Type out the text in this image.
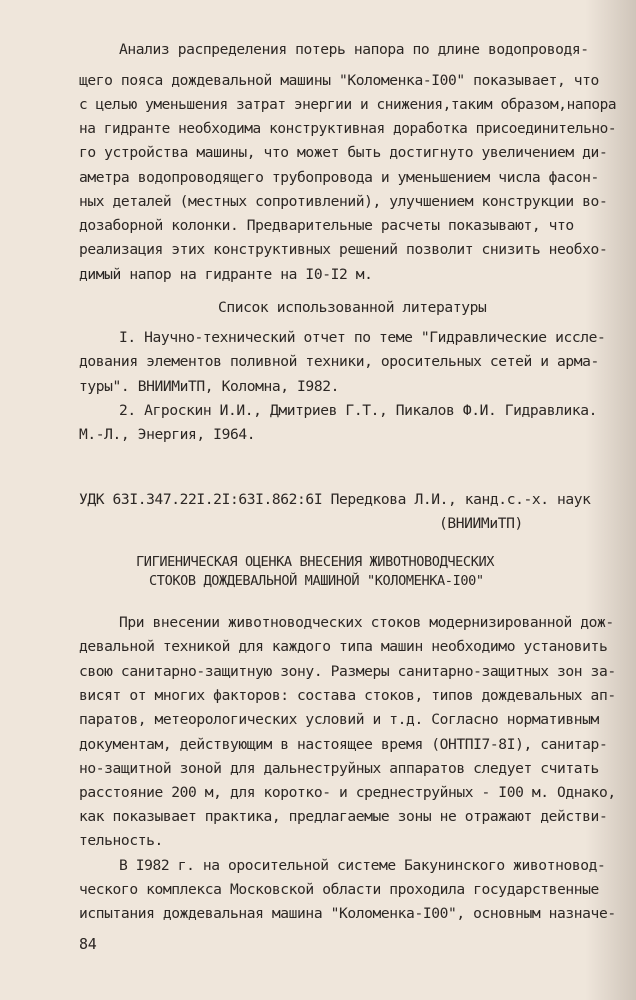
Анализ распределения потерь напора по длине водопроводя-
щего пояса дождевальной машины "Коломенка-I00" показывает, что
с целью уменьшения затрат энергии и снижения,таким образом,напора
на гидранте необходима конструктивная доработка присоединительно-
го устройства машины, что может быть достигнуто увеличением ди-
аметра водопроводящего трубопровода и уменьшением числа фасон-
ных деталей (местных сопротивлений), улучшением конструкции во-
дозаборной колонки. Предварительные расчеты показывают, что
реализация этих конструктивных решений позволит снизить необхо-
димый напор на гидранте на I0-I2 м.
Список использованной литературы
I. Научно-технический отчет по теме "Гидравлические иссле-
дования элементов поливной техники, оросительных сетей и арма-
туры". ВНИИМиТП, Коломна, I982.
2. Агроскин И.И., Дмитриев Г.Т., Пикалов Ф.И. Гидравлика.
М.-Л., Энергия, I964.
УДК 63I.347.22I.2I:63I.862:6I Передкова Л.И., канд.с.-х. наук
(ВНИИМиТП)
ГИГИЕНИЧЕСКАЯ ОЦЕНКА ВНЕСЕНИЯ ЖИВОТНОВОДЧЕСКИХ
СТОКОВ ДОЖДЕВАЛЬНОЙ МАШИНОЙ "КОЛОМЕНКА-I00"
При внесении животноводческих стоков модернизированной дож-
девальной техникой для каждого типа машин необходимо установить
свою санитарно-защитную зону. Размеры санитарно-защитных зон за-
висят от многих факторов: состава стоков, типов дождевальных ап-
паратов, метеорологических условий и т.д. Согласно нормативным
документам, действующим в настоящее время (ОНТПI7-8I), санитар-
но-защитной зоной для дальнеструйных аппаратов следует считать
расстояние 200 м, для коротко- и среднеструйных - I00 м. Однако,
как показывает практика, предлагаемые зоны не отражают действи-
тельность.
В I982 г. на оросительной системе Бакунинского животновод-
ческого комплекса Московской области проходила государственные
испытания дождевальная машина "Коломенка-I00", основным назначе-
84
